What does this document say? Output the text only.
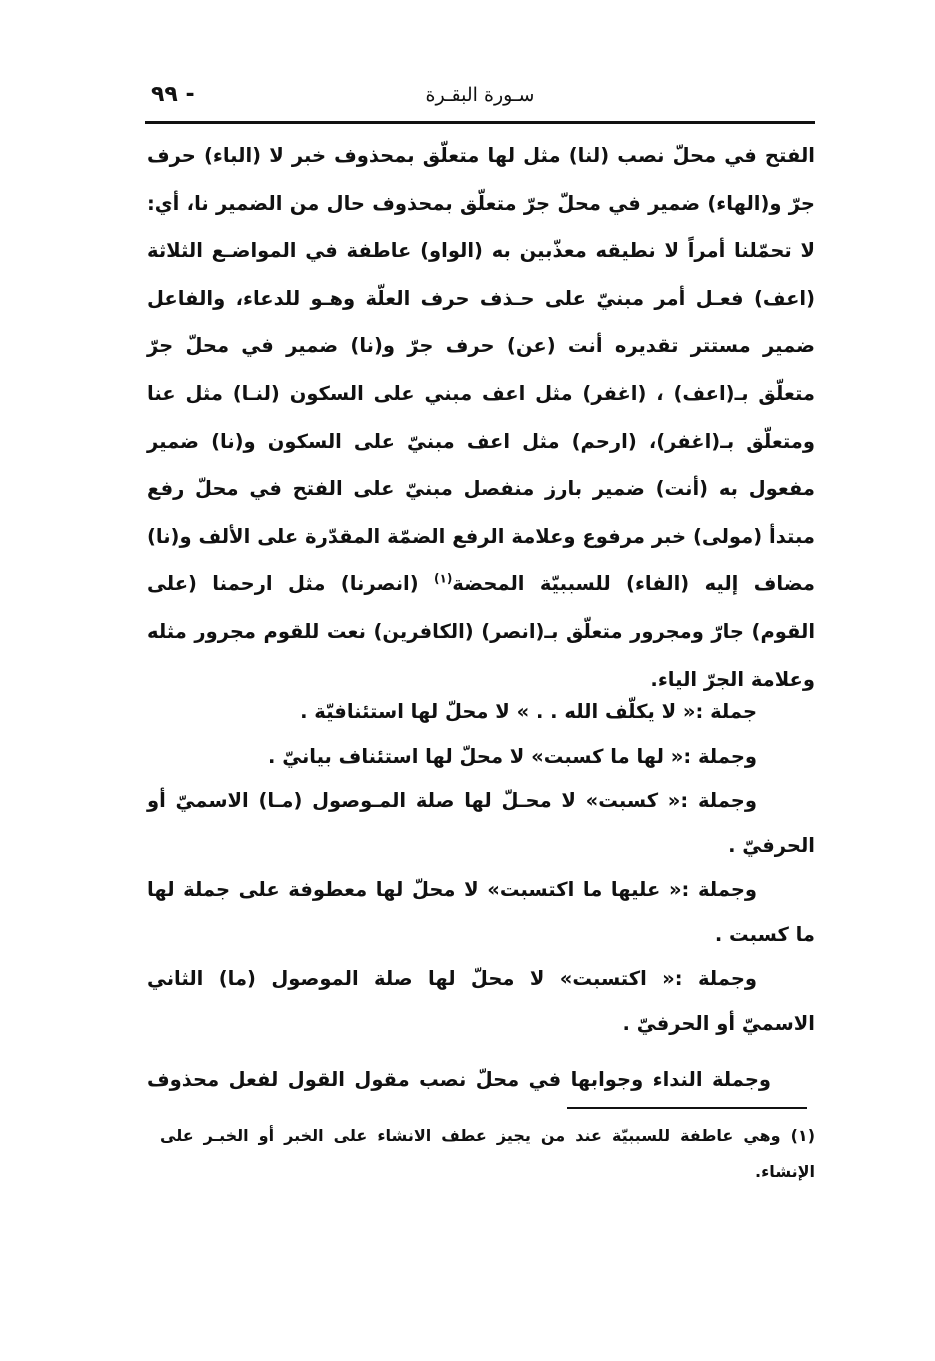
سـورة البقـرة
- ٩٩

الفتح في محلّ نصب (لنا) مثل لها متعلّق بمحذوف خبر لا (الباء) حرف جرّ و(الهاء) ضمير في محلّ جرّ متعلّق بمحذوف حال من الضمير نا، أي: لا تحمّلنا أمراً لا نطيقه معذّبين به (الواو) عاطفة في المواضـع الثلاثة (اعف) فعـل أمر مبنيّ على حـذف حرف العلّة وهـو للدعاء، والفاعل ضمير مستتر تقديره أنت (عن) حرف جرّ و(نا) ضمير في محلّ جرّ متعلّق بـ(اعف) ، (اغفر) مثل اعف مبني على السكون (لنـا) مثل عنا ومتعلّق بـ(اغفر)، (ارحم) مثل اعف مبنيّ على السكون و(نا) ضمير مفعول به (أنت) ضمير بارز منفصل مبنيّ على الفتح في محلّ رفع مبتدأ (مولى) خبر مرفوع وعلامة الرفع الضمّة المقدّرة على الألف و(نا) مضاف إليه (الفاء) للسببيّة المحضة$^{(١)}$ (انصرنا) مثل ارحمنا (على القوم) جارّ ومجرور متعلّق بـ(انصر) (الكافرين) نعت للقوم مجرور مثله وعلامة الجرّ الياء.

جملة :« لا يكلّف الله . . » لا محلّ لها استئنافيّة .

وجملة :« لها ما كسبت» لا محلّ لها استئناف بيانيّ .

وجملة :« كسبت» لا محـلّ لها صلة المـوصول (مـا) الاسميّ أو الحرفيّ .

وجملة :« عليها ما اكتسبت» لا محلّ لها معطوفة على جملة لها ما كسبت .

وجملة :« اكتسبت» لا محلّ لها صلة الموصول (ما) الثاني الاسميّ أو الحرفيّ .

وجملة النداء وجوابها في محلّ نصب مقول القول لفعل محذوف
(١) وهي عاطفة للسببيّة عند من يجيز عطف الانشاء على الخبر أو الخبـر على الإنشاء.
